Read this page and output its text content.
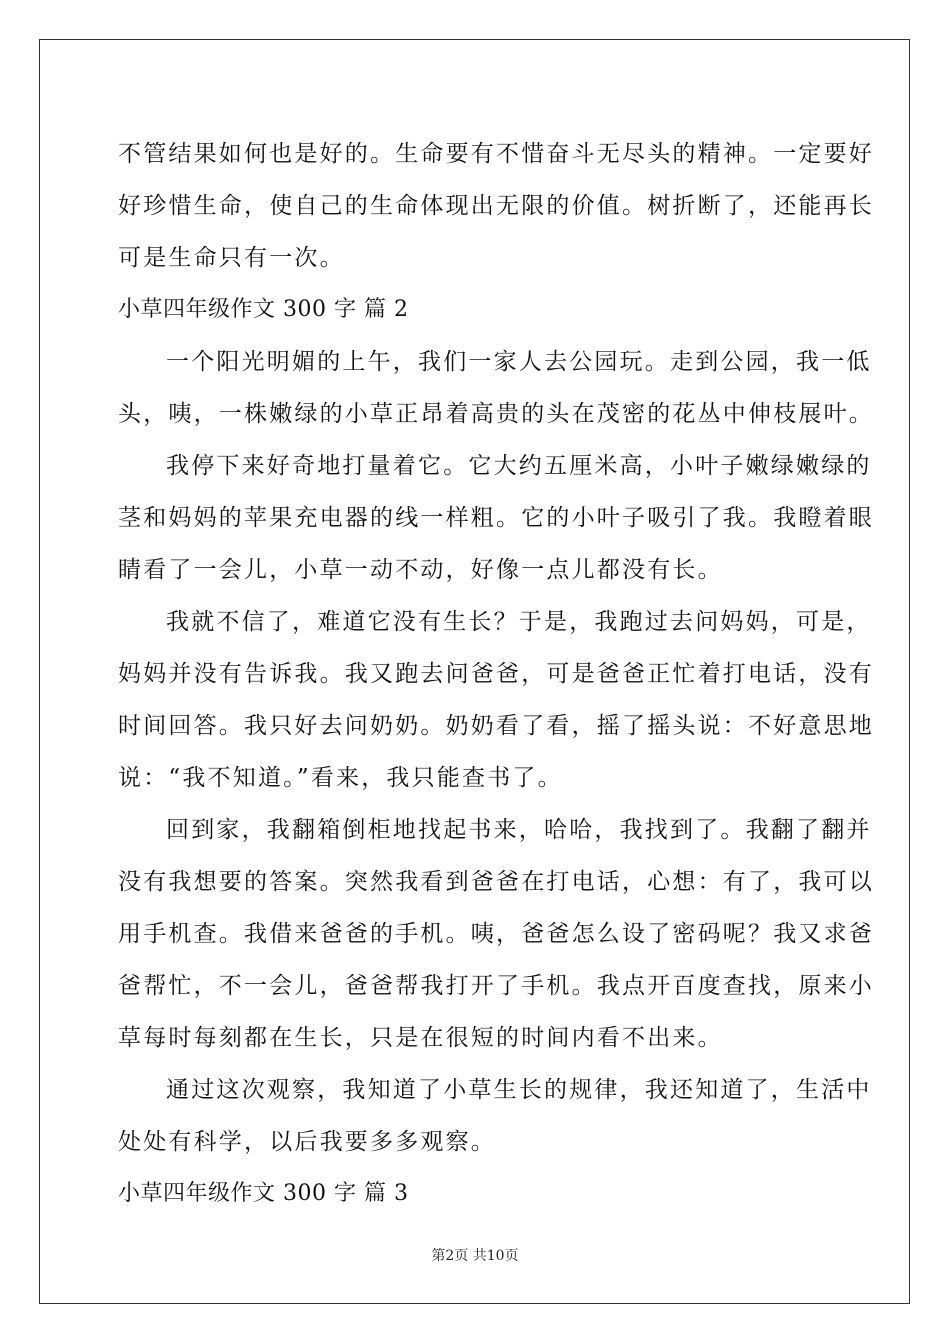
不管结果如何也是好的。生命要有不惜奋斗无尽头的精神。一定要好
好珍惜生命，使自己的生命体现出无限的价值。树折断了，还能再长
可是生命只有一次。
小草四年级作文 300 字 篇 2
一个阳光明媚的上午，我们一家人去公园玩。走到公园，我一低
头，咦，一株嫩绿的小草正昂着高贵的头在茂密的花丛中伸枝展叶。
我停下来好奇地打量着它。它大约五厘米高，小叶子嫩绿嫩绿的
茎和妈妈的苹果充电器的线一样粗。它的小叶子吸引了我。我瞪着眼
睛看了一会儿，小草一动不动，好像一点儿都没有长。
我就不信了，难道它没有生长？于是，我跑过去问妈妈，可是，
妈妈并没有告诉我。我又跑去问爸爸，可是爸爸正忙着打电话，没有
时间回答。我只好去问奶奶。奶奶看了看，摇了摇头说：不好意思地
说：“我不知道。”看来，我只能查书了。
回到家，我翻箱倒柜地找起书来，哈哈，我找到了。我翻了翻并
没有我想要的答案。突然我看到爸爸在打电话，心想：有了，我可以
用手机查。我借来爸爸的手机。咦，爸爸怎么设了密码呢？我又求爸
爸帮忙，不一会儿，爸爸帮我打开了手机。我点开百度查找，原来小
草每时每刻都在生长，只是在很短的时间内看不出来。
通过这次观察，我知道了小草生长的规律，我还知道了，生活中
处处有科学，以后我要多多观察。
小草四年级作文 300 字 篇 3
第2页 共10页
